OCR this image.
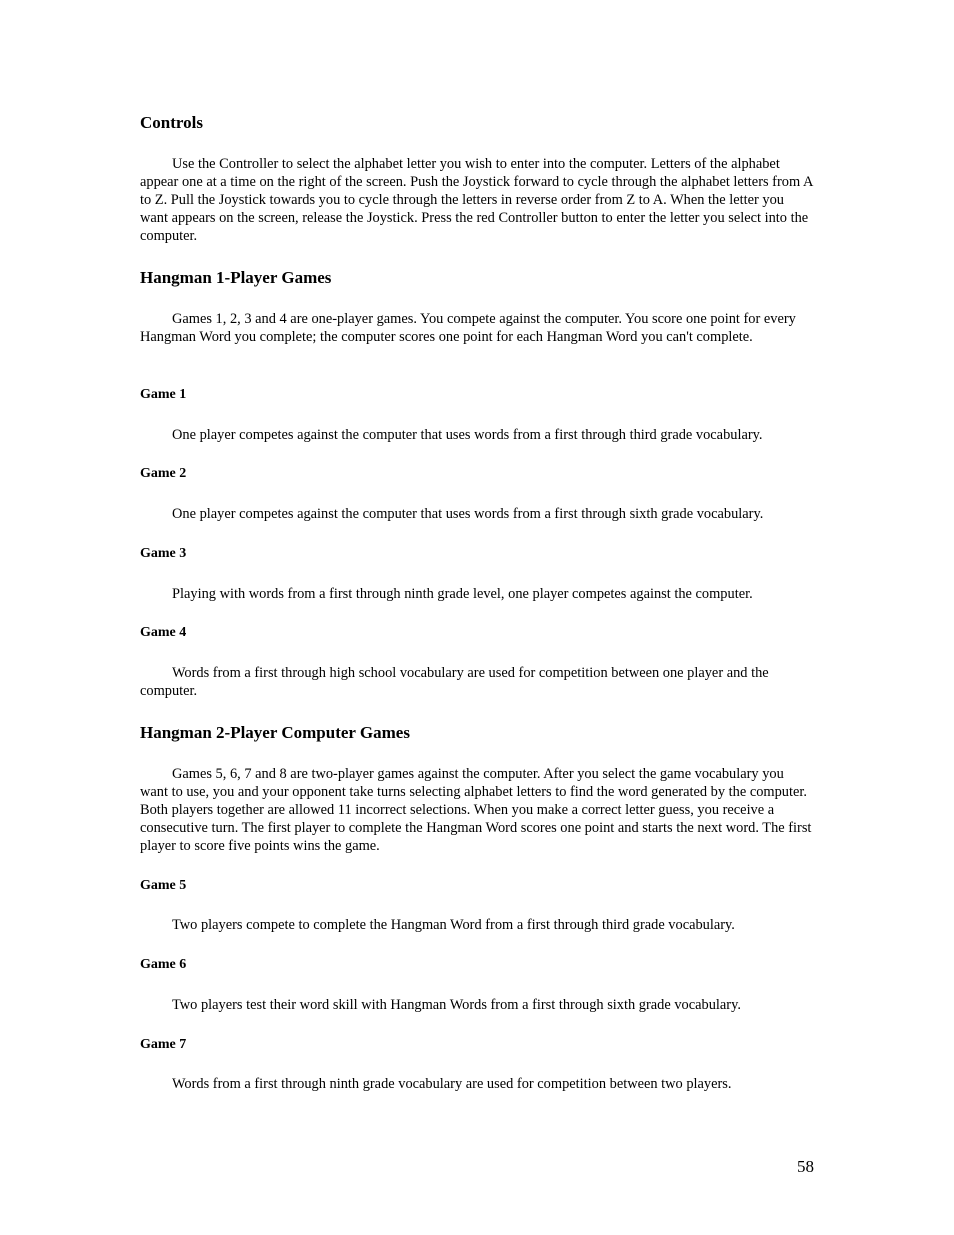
Controls

Use the Controller to select the alphabet letter you wish to enter into the computer. Letters of the alphabet appear one at a time on the right of the screen. Push the Joystick forward to cycle through the alphabet letters from A to Z. Pull the Joystick towards you to cycle through the letters in reverse order from Z to A. When the letter you want appears on the screen, release the Joystick. Press the red Controller button to enter the letter you select into the computer.

Hangman 1-Player Games

Games 1, 2, 3 and 4 are one-player games. You compete against the computer. You score one point for every Hangman Word you complete; the computer scores one point for each Hangman Word you can't complete.

Game 1

One player competes against the computer that uses words from a first through third grade vocabulary.

Game 2

One player competes against the computer that uses words from a first through sixth grade vocabulary.

Game 3

Playing with words from a first through ninth grade level, one player competes against the computer.

Game 4

Words from a first through high school vocabulary are used for competition between one player and the computer.

Hangman 2-Player Computer Games

Games 5, 6, 7 and 8 are two-player games against the computer. After you select the game vocabulary you want to use, you and your opponent take turns selecting alphabet letters to find the word generated by the computer. Both players together are allowed 11 incorrect selections. When you make a correct letter guess, you receive a consecutive turn. The first player to complete the Hangman Word scores one point and starts the next word. The first player to score five points wins the game.

Game 5

Two players compete to complete the Hangman Word from a first through third grade vocabulary.

Game 6

Two players test their word skill with Hangman Words from a first through sixth grade vocabulary.

Game 7

Words from a first through ninth grade vocabulary are used for competition between two players.

58
